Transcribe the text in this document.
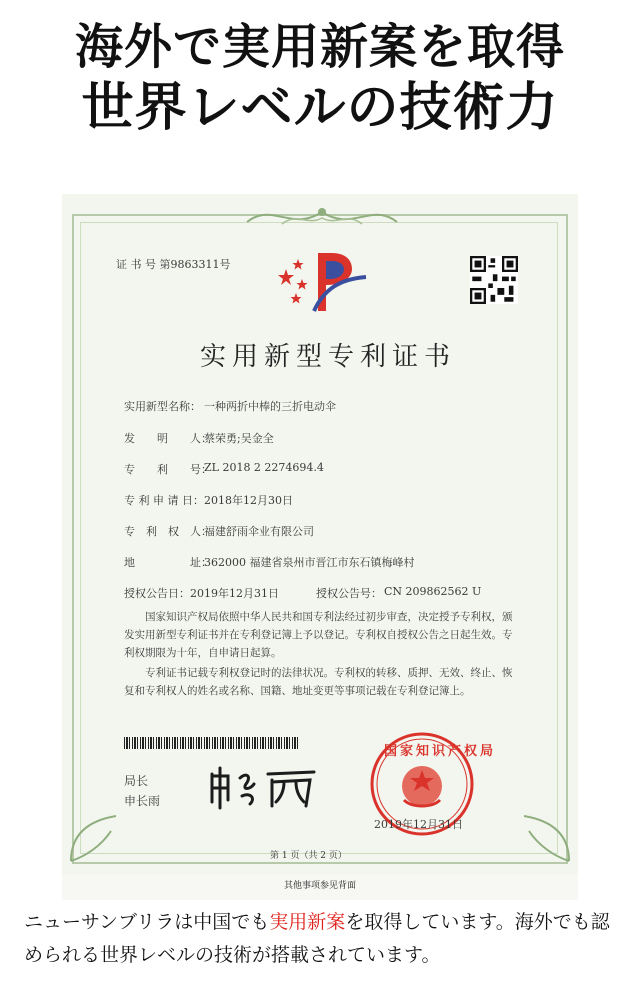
海外で実用新案を取得
世界レベルの技術力
证 书 号 第9863311号
实用新型专利证书
实用新型名称： 一种两折中棒的三折电动伞
发　　明　　人：
蔡荣勇;吴金全
专　　利　　号：
ZL 2018 2 2274694.4
专 利 申 请 日： 2018年12月30日
专　利　权　人：
福建舒雨伞业有限公司
地　　　　　址：
362000 福建省泉州市晋江市东石镇梅峰村
授权公告日： 2019年12月31日	授权公告号： CN 209862562 U
国家知识产权局依照中华人民共和国专利法经过初步审查，决定授予专利权，颁发实用新型专利证书并在专利登记簿上予以登记。专利权自授权公告之日起生效。专利权期限为十年，自申请日起算。
专利证书记载专利权登记时的法律状况。专利权的转移、质押、无效、终止、恢复和专利权人的姓名或名称、国籍、地址变更等事项记载在专利登记簿上。
局长
申长雨
国家知识产权局
2019年12月31日
第 1 页（共 2 页）
其他事项参见背面
ニューサンブリラは中国でも実用新案を取得しています。海外でも認められる世界レベルの技術が搭載されています。
